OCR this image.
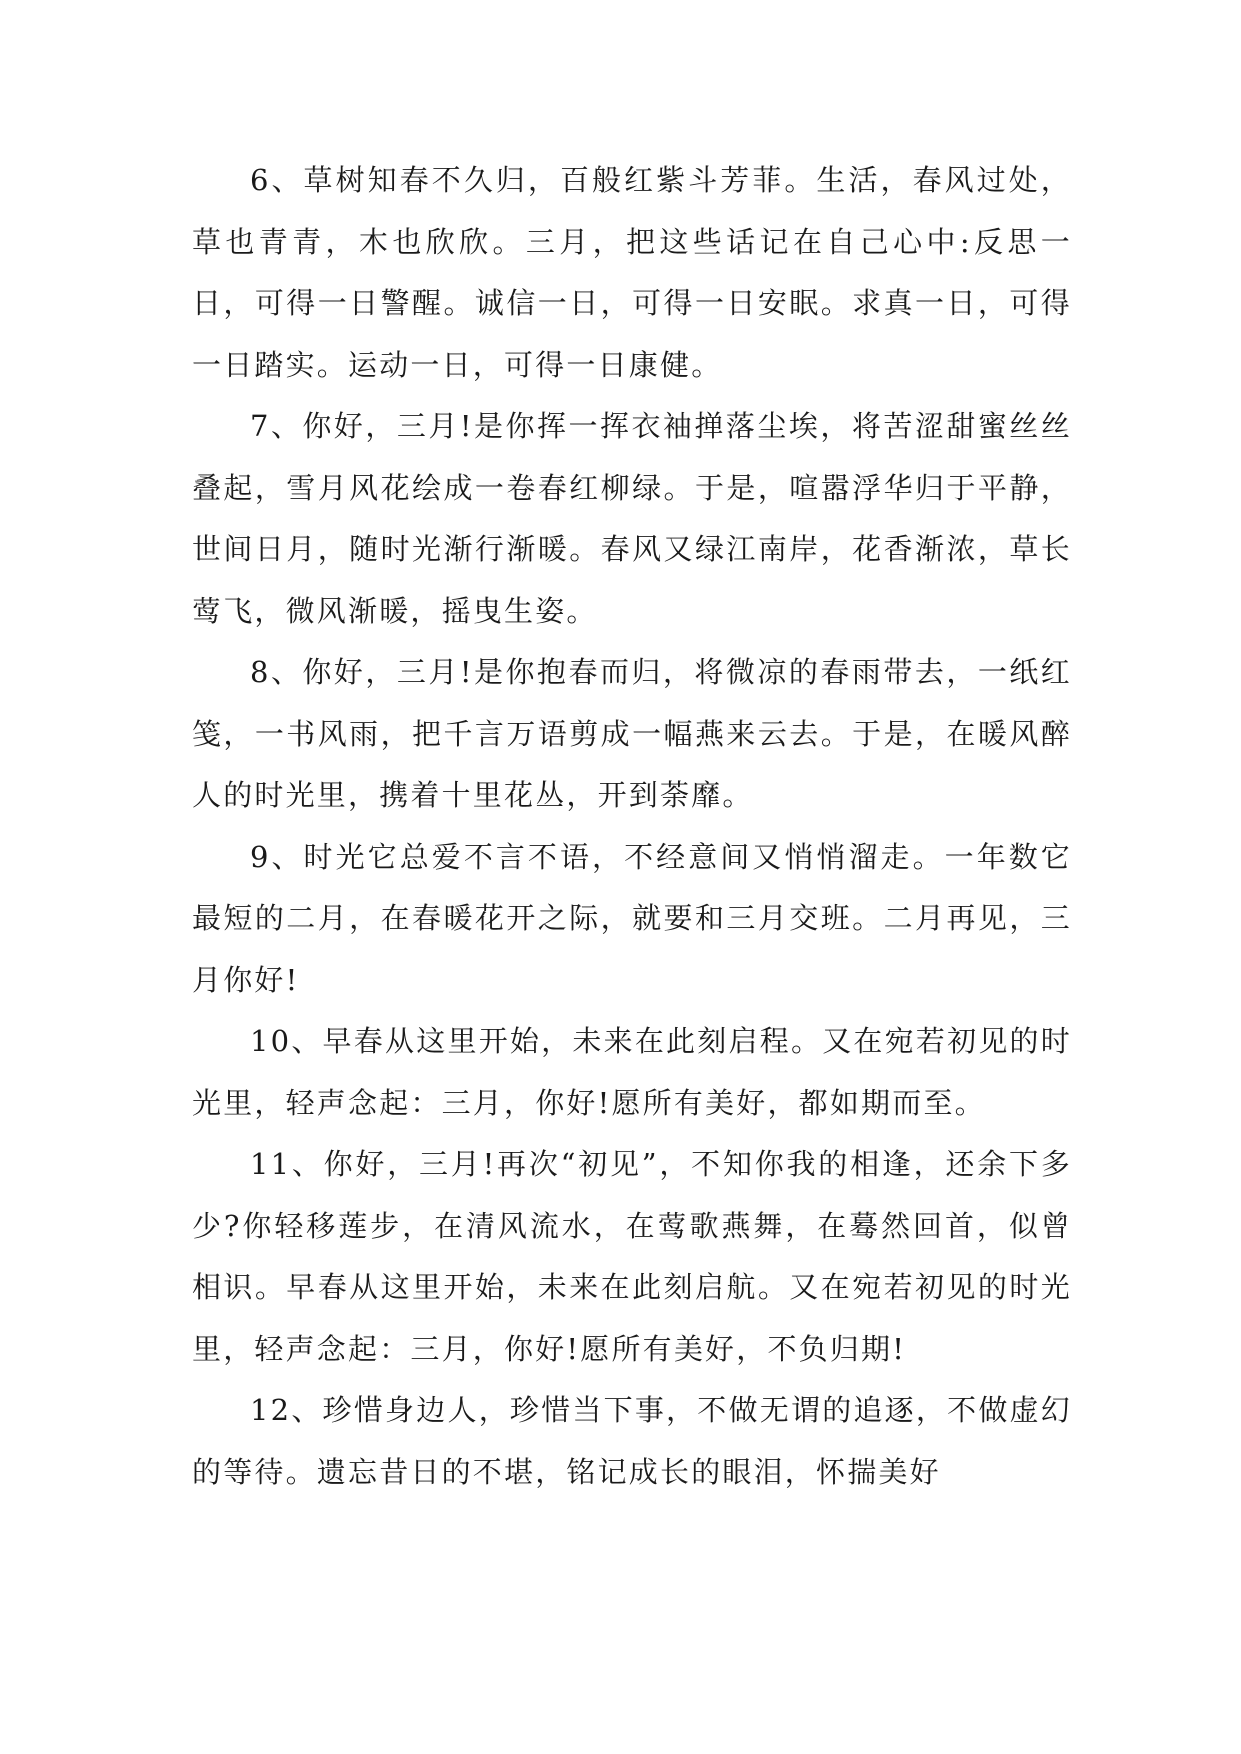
6、草树知春不久归，百般红紫斗芳菲。生活，春风过处，草也青青，木也欣欣。三月，把这些话记在自己心中:反思一日，可得一日警醒。诚信一日，可得一日安眠。求真一日，可得一日踏实。运动一日，可得一日康健。

7、你好，三月!是你挥一挥衣袖掸落尘埃，将苦涩甜蜜丝丝叠起，雪月风花绘成一卷春红柳绿。于是，喧嚣浮华归于平静，世间日月，随时光渐行渐暖。春风又绿江南岸，花香渐浓，草长莺飞，微风渐暖，摇曳生姿。

8、你好，三月!是你抱春而归，将微凉的春雨带去，一纸红笺，一书风雨，把千言万语剪成一幅燕来云去。于是，在暖风醉人的时光里，携着十里花丛，开到荼靡。

9、时光它总爱不言不语，不经意间又悄悄溜走。一年数它最短的二月，在春暖花开之际，就要和三月交班。二月再见，三月你好!

10、早春从这里开始，未来在此刻启程。又在宛若初见的时光里，轻声念起：三月，你好!愿所有美好，都如期而至。

11、你好，三月!再次“初见”，不知你我的相逢，还余下多少?你轻移莲步，在清风流水，在莺歌燕舞，在蓦然回首，似曾相识。早春从这里开始，未来在此刻启航。又在宛若初见的时光里，轻声念起：三月，你好!愿所有美好，不负归期!

12、珍惜身边人，珍惜当下事，不做无谓的追逐，不做虚幻的等待。遗忘昔日的不堪，铭记成长的眼泪，怀揣美好
